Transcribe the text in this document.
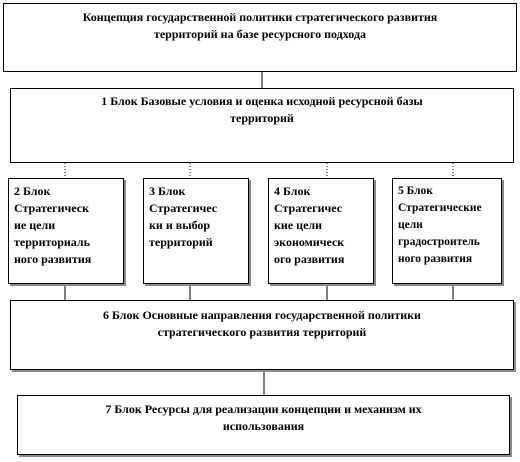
Концепция государственной политики стратегического развития
территорий на базе ресурсного подхода
1 Блок Базовые условия и оценка исходной ресурсной базы
территорий
2 Блок
Стратегическ
ие цели
территориаль
ного развития
3 Блок
Стратегичес
ки и выбор
территорий
4 Блок
Стратегичес
кие цели
экономическ
ого развития
5 Блок
Стратегические
цели
градостроитель
ного развития
6 Блок Основные направления государственной политики
стратегического развития территорий
7 Блок Ресурсы для реализации концепции и механизм их
использования
